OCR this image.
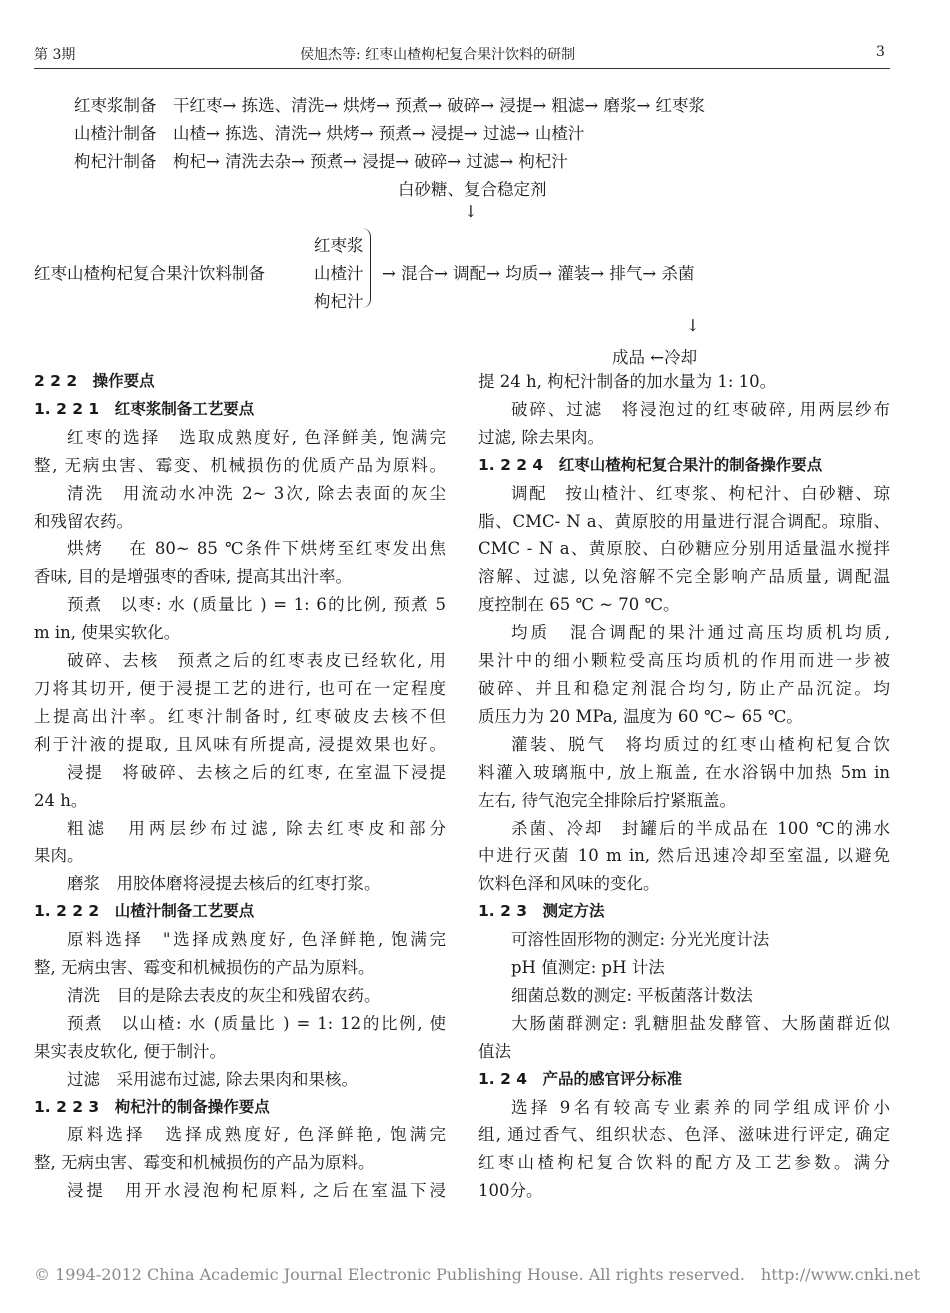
第 3期	侯旭杰等: 红枣山楂枸杞复合果汁饮料的研制	3
红枣浆制备　干红枣→ 拣选、清洗→ 烘烤→ 预煮→ 破碎→ 浸提→ 粗滤→ 磨浆→ 红枣浆
山楂汁制备　山楂→ 拣选、清洗→ 烘烤→ 预煮→ 浸提→ 过滤→ 山楂汁
枸杞汁制备　枸杞→ 清洗去杂→ 预煮→ 浸提→ 破碎→ 过滤→ 枸杞汁
白砂糖、复合稳定剂
↓
红枣山楂枸杞复合果汁饮料制备
红枣浆
山楂汁
枸杞汁
→ 混合→ 调配→ 均质→ 灌装→ 排气→ 杀菌
↓
成品 ←冷却

2 2 2　操作要点

1. 2 2 1　红枣浆制备工艺要点

红枣的选择　选取成熟度好, 色泽鲜美, 饱满完

整, 无病虫害、霉变、机械损伤的优质产品为原料。

清洗　用流动水冲洗 2~ 3次, 除去表面的灰尘

和残留农药。

烘烤　 在 80~ 85 ℃条件下烘烤至红枣发出焦

香味, 目的是增强枣的香味, 提高其出汁率。

预煮　以枣: 水 (质量比 ) = 1: 6的比例, 预煮 5

m in, 使果实软化。

破碎、去核　预煮之后的红枣表皮已经软化, 用

刀将其切开, 便于浸提工艺的进行, 也可在一定程度

上提高出汁率。红枣汁制备时, 红枣破皮去核不但

利于汁液的提取, 且风味有所提高, 浸提效果也好。

浸提　将破碎、去核之后的红枣, 在室温下浸提

24 h。

粗滤　用两层纱布过滤, 除去红枣皮和部分

果肉。

磨浆　用胶体磨将浸提去核后的红枣打浆。

1. 2 2 2　山楂汁制备工艺要点

原料选择　"选择成熟度好, 色泽鲜艳, 饱满完

整, 无病虫害、霉变和机械损伤的产品为原料。

清洗　目的是除去表皮的灰尘和残留农药。

预煮　以山楂: 水 (质量比 ) = 1: 12的比例, 使

果实表皮软化, 便于制汁。

过滤　采用滤布过滤, 除去果肉和果核。

1. 2 2 3　枸杞汁的制备操作要点

原料选择　选择成熟度好, 色泽鲜艳, 饱满完

整, 无病虫害、霉变和机械损伤的产品为原料。

浸提　用开水浸泡枸杞原料, 之后在室温下浸

提 24 h, 枸杞汁制备的加水量为 1: 10。

破碎、过滤　将浸泡过的红枣破碎, 用两层纱布

过滤, 除去果肉。

1. 2 2 4　红枣山楂枸杞复合果汁的制备操作要点

调配　按山楂汁、红枣浆、枸杞汁、白砂糖、琼

脂、CMC- N a、黄原胶的用量进行混合调配。琼脂、

CMC - N a、黄原胶、白砂糖应分别用适量温水搅拌

溶解、过滤, 以免溶解不完全影响产品质量, 调配温

度控制在 65 ℃ ~ 70 ℃。

均质　混合调配的果汁通过高压均质机均质,

果汁中的细小颗粒受高压均质机的作用而进一步被

破碎、并且和稳定剂混合均匀, 防止产品沉淀。均

质压力为 20 MPa, 温度为 60 ℃~ 65 ℃。

灌装、脱气　将均质过的红枣山楂枸杞复合饮

料灌入玻璃瓶中, 放上瓶盖, 在水浴锅中加热 5m in

左右, 待气泡完全排除后拧紧瓶盖。

杀菌、冷却　封罐后的半成品在 100 ℃的沸水

中进行灭菌 10 m in, 然后迅速冷却至室温, 以避免

饮料色泽和风味的变化。

1. 2 3　测定方法

可溶性固形物的测定: 分光光度计法

pH 值测定: pH 计法

细菌总数的测定: 平板菌落计数法

大肠菌群测定: 乳糖胆盐发酵管、大肠菌群近似

值法

1. 2 4　产品的感官评分标准

选择 9名有较高专业素养的同学组成评价小

组, 通过香气、组织状态、色泽、滋味进行评定, 确定

红枣山楂枸杞复合饮料的配方及工艺参数。满分

100分。

© 1994-2012 China Academic Journal Electronic Publishing House. All rights reserved.　http://www.cnki.net
